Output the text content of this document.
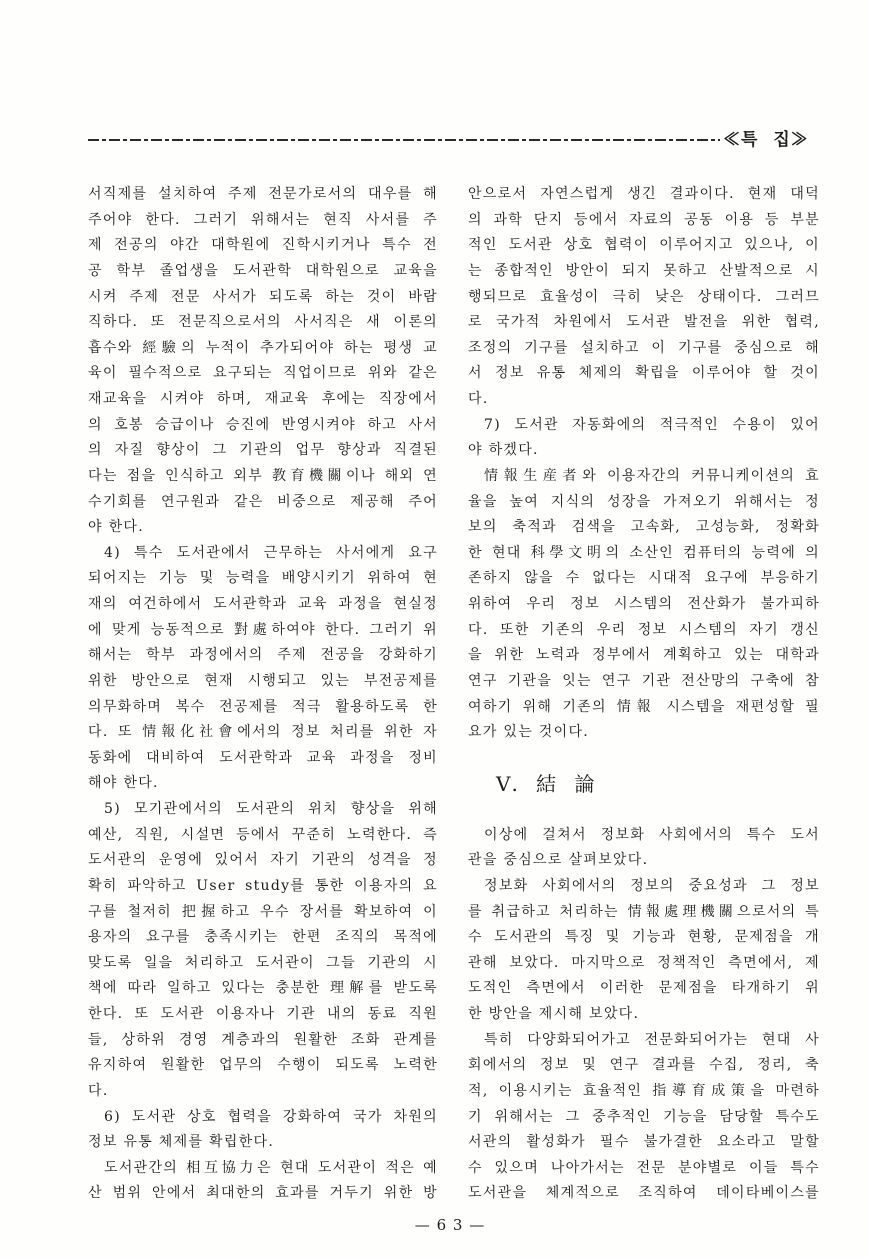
≪특 집≫
서직제를 설치하여 주제 전문가로서의 대우를 해
주어야 한다. 그러기 위해서는 현직 사서를 주
제 전공의 야간 대학원에 진학시키거나 특수 전
공 학부 졸업생을 도서관학 대학원으로 교육을
시켜 주제 전문 사서가 되도록 하는 것이 바람
직하다. 또 전문직으로서의 사서직은 새 이론의
흡수와 經驗의 누적이 추가되어야 하는 평생 교
육이 필수적으로 요구되는 직업이므로 위와 같은
재교육을 시켜야 하며, 재교육 후에는 직장에서
의 호봉 승급이나 승진에 반영시켜야 하고 사서
의 자질 향상이 그 기관의 업무 향상과 직결된
다는 점을 인식하고 외부 教育機關이나 해외 연
수기회를 연구원과 같은 비중으로 제공해 주어
야 한다.
4) 특수 도서관에서 근무하는 사서에게 요구
되어지는 기능 및 능력을 배양시키기 위하여 현
재의 여건하에서 도서관학과 교육 과정을 현실정
에 맞게 능동적으로 對處하여야 한다. 그러기 위
해서는 학부 과정에서의 주제 전공을 강화하기
위한 방안으로 현재 시행되고 있는 부전공제를
의무화하며 복수 전공제를 적극 활용하도록 한
다. 또 情報化社會에서의 정보 처리를 위한 자
동화에 대비하여 도서관학과 교육 과정을 정비
해야 한다.
5) 모기관에서의 도서관의 위치 향상을 위해
예산, 직원, 시설면 등에서 꾸준히 노력한다. 즉
도서관의 운영에 있어서 자기 기관의 성격을 정
확히 파악하고 User study를 통한 이용자의 요
구를 철저히 把握하고 우수 장서를 확보하여 이
용자의 요구를 충족시키는 한편 조직의 목적에
맞도록 일을 처리하고 도서관이 그들 기관의 시
책에 따라 일하고 있다는 충분한 理解를 받도록
한다. 또 도서관 이용자나 기관 내의 동료 직원
들, 상하위 경영 계층과의 원활한 조화 관계를
유지하여 원활한 업무의 수행이 되도록 노력한
다.
6) 도서관 상호 협력을 강화하여 국가 차원의
정보 유통 체제를 확립한다.
도서관간의 相互協力은 현대 도서관이 적은 예
산 범위 안에서 최대한의 효과를 거두기 위한 방
안으로서 자연스럽게 생긴 결과이다. 현재 대덕
의 과학 단지 등에서 자료의 공동 이용 등 부분
적인 도서관 상호 협력이 이루어지고 있으나, 이
는 종합적인 방안이 되지 못하고 산발적으로 시
행되므로 효율성이 극히 낮은 상태이다. 그러므
로 국가적 차원에서 도서관 발전을 위한 협력,
조정의 기구를 설치하고 이 기구를 중심으로 해
서 정보 유통 체제의 확립을 이루어야 할 것이
다.
7) 도서관 자동화에의 적극적인 수용이 있어
야 하겠다.
情報生産者와 이용자간의 커뮤니케이션의 효
율을 높여 지식의 성장을 가져오기 위해서는 정
보의 축적과 검색을 고속화, 고성능화, 정확화
한 현대 科學文明의 소산인 컴퓨터의 능력에 의
존하지 않을 수 없다는 시대적 요구에 부응하기
위하여 우리 정보 시스템의 전산화가 불가피하
다. 또한 기존의 우리 정보 시스템의 자기 갱신
을 위한 노력과 정부에서 계획하고 있는 대학과
연구 기관을 잇는 연구 기관 전산망의 구축에 참
여하기 위해 기존의 情報 시스템을 재편성할 필
요가 있는 것이다.
Ⅴ. 結 論
이상에 걸쳐서 정보화 사회에서의 특수 도서
관을 중심으로 살펴보았다.
정보화 사회에서의 정보의 중요성과 그 정보
를 취급하고 처리하는 情報處理機關으로서의 특
수 도서관의 특징 및 기능과 현황, 문제점을 개
관해 보았다. 마지막으로 정책적인 측면에서, 제
도적인 측면에서 이러한 문제점을 타개하기 위
한 방안을 제시해 보았다.
특히 다양화되어가고 전문화되어가는 현대 사
회에서의 정보 및 연구 결과를 수집, 정리, 축
적, 이용시키는 효율적인 指導育成策을 마련하
기 위해서는 그 중추적인 기능을 담당할 특수도
서관의 활성화가 필수 불가결한 요소라고 말할
수 있으며 나아가서는 전문 분야별로 이들 특수
도서관을 체계적으로 조직하여 데이타베이스를
— 6 3 —
